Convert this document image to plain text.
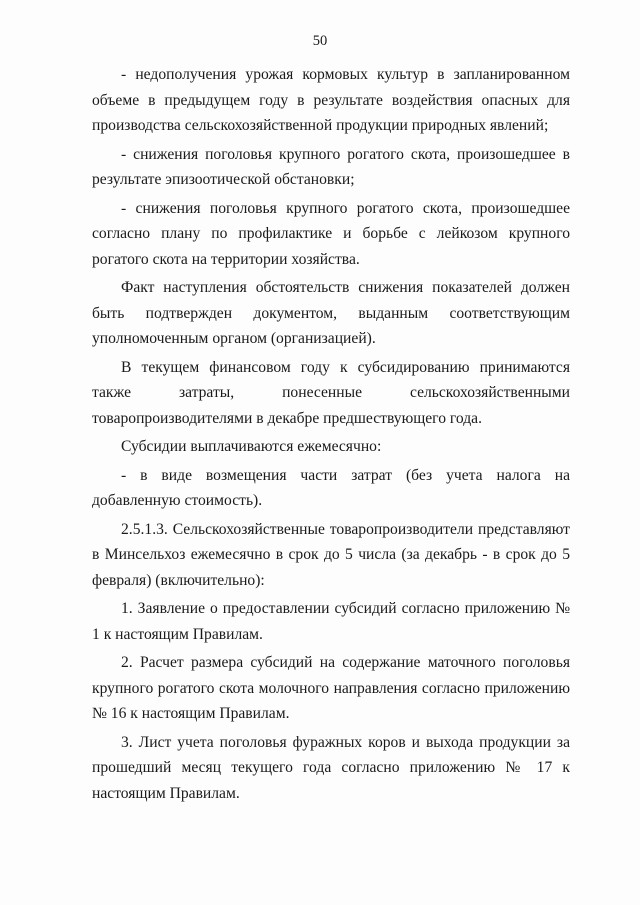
50

- недополучения урожая кормовых культур в запланированном объеме в предыдущем году в результате воздействия опасных для производства сельскохозяйственной продукции природных явлений;

- снижения поголовья крупного рогатого скота, произошедшее в результате эпизоотической обстановки;

- снижения поголовья крупного рогатого скота, произошедшее согласно плану по профилактике и борьбе с лейкозом крупного рогатого скота на территории хозяйства.

Факт наступления обстоятельств снижения показателей должен быть подтвержден документом, выданным соответствующим уполномоченным органом (организацией).

В текущем финансовом году к субсидированию принимаются также затраты, понесенные сельскохозяйственными товаропроизводителями в декабре предшествующего года.

Субсидии выплачиваются ежемесячно:

- в виде возмещения части затрат (без учета налога на добавленную стоимость).

2.5.1.3. Сельскохозяйственные товаропроизводители представляют в Минсельхоз ежемесячно в срок до 5 числа (за декабрь - в срок до 5 февраля) (включительно):

1. Заявление о предоставлении субсидий согласно приложению № 1 к настоящим Правилам.

2. Расчет размера субсидий на содержание маточного поголовья крупного рогатого скота молочного направления согласно приложению № 16 к настоящим Правилам.

3. Лист учета поголовья фуражных коров и выхода продукции за прошедший месяц текущего года согласно приложению № 17 к настоящим Правилам.
